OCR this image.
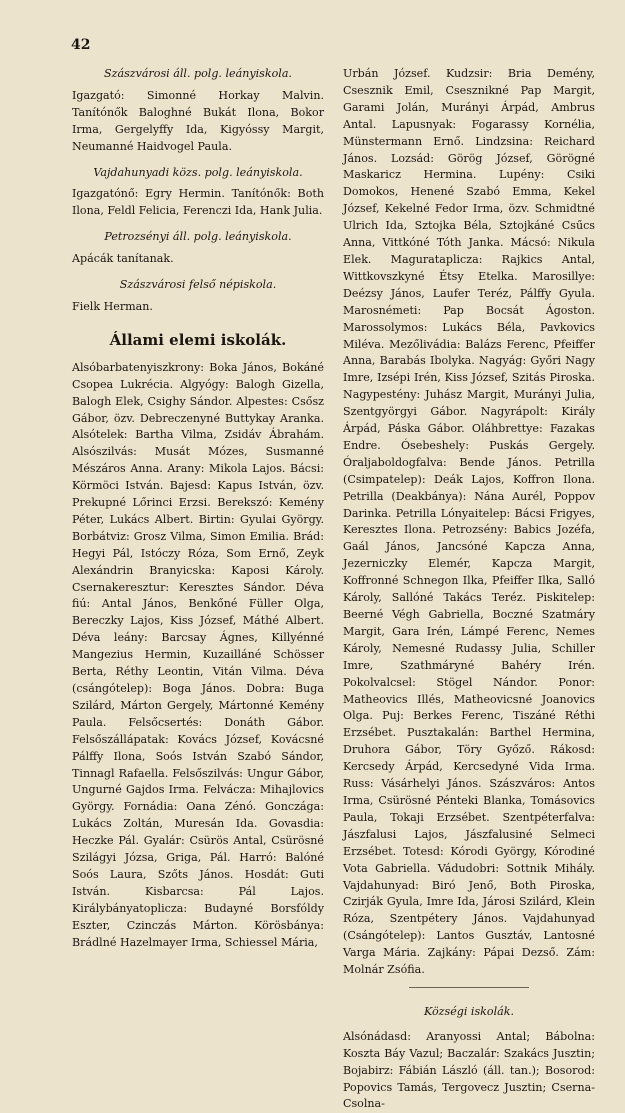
42

Szászvárosi áll. polg. leányiskola.

Igazgató: Simonné Horkay Malvin. Tanítónők Baloghné Bukát Ilona, Bokor Irma, Gergelyffy Ida, Kigyóssy Margit, Neumanné Haidvogel Paula.

Vajdahunyadi közs. polg. leányiskola.

Igazgatónő: Egry Hermin. Tanítónők: Both Ilona, Feldl Felicia, Ferenczi Ida, Hank Julia.

Petrozsényi áll. polg. leányiskola.

Apácák tanítanak.

Szászvárosi felső népiskola.

Fielk Herman.

Állami elemi iskolák.

Alsóbarbatenyiszkrony: Boka János, Bokáné Csopea Lukrécia. Algyógy: Balogh Gizella, Balogh Elek, Csighy Sándor. Alpestes: Csősz Gábor, özv. Debreczenyné Buttykay Aranka. Alsótelek: Bartha Vilma, Zsidáv Ábrahám. Alsószilvás: Musát Mózes, Susmanné Mészáros Anna. Arany: Mikola Lajos. Bácsi: Körmöci István. Bajesd: Kapus István, özv. Prekupné Lőrinci Erzsi. Berekszó: Kemény Péter, Lukács Albert. Birtin: Gyulai György. Borbátviz: Grosz Vilma, Simon Emilia. Brád: Hegyi Pál, Istóczy Róza, Som Ernő, Zeyk Alexándrin Branyicska: Kaposi Károly. Csernakeresztur: Keresztes Sándor. Déva fiú: Antal János, Benkőné Füller Olga, Bereczky Lajos, Kiss József, Máthé Albert. Déva leány: Barcsay Ágnes, Killyénné Mangezius Hermin, Kuzailláné Schösser Berta, Réthy Leontin, Vitán Vilma. Déva (csángótelep): Boga János. Dobra: Buga Szilárd, Márton Gergely, Mártonné Kemény Paula. Felsőcsertés: Donáth Gábor. Felsőszállápatak: Kovács József, Kovácsné Pálffy Ilona, Soós István Szabó Sándor, Tinnagl Rafaella. Felsőszilvás: Ungur Gábor, Ungurné Gajdos Irma. Felvácza: Mihajlovics György. Fornádia: Oana Zénó. Gonczága: Lukács Zoltán, Muresán Ida. Govasdia: Heczke Pál. Gyalár: Csürös Antal, Csürösné Szilágyi Józsa, Griga, Pál. Harró: Balóné Soós Laura, Szőts János. Hosdát: Guti István. Kisbarcsa: Pál Lajos. Királybányatoplicza: Budayné Borsfóldy Eszter, Czinczás Márton. Körösbánya: Brádlné Hazelmayer Irma, Schiessel Mária,

Urbán József. Kudzsir: Bria Demény, Csesznik Emil, Csesznikné Pap Margit, Garami Jolán, Murányi Árpád, Ambrus Antal. Lapusnyak: Fogarassy Kornélia, Münstermann Ernő. Lindzsina: Reichard János. Lozsád: Görög József, Görögné Maskaricz Hermina. Lupény: Csiki Domokos, Henené Szabó Emma, Kekel József, Kekelné Fedor Irma, özv. Schmidtné Ulrich Ida, Sztojka Béla, Sztojkáné Csűcs Anna, Vittkóné Tóth Janka. Mácsó: Nikula Elek. Maguratapliсza: Rajkics Antal, Wittkovszkyné Étsy Etelka. Marosillye: Deézsy János, Laufer Teréz, Pálffy Gyula. Marosnémeti: Pap Bocsát Ágoston. Marossolymos: Lukács Béla, Pavkovics Miléva. Mezőlivádia: Balázs Ferenc, Pfeiffer Anna, Barabás Ibolyka. Nagyág: Győri Nagy Imre, Izsépi Irén, Kiss József, Szitás Piroska. Nagypestény: Juhász Margit, Murányi Julia, Szentgyörgyi Gábor. Nagyrápolt: Király Árpád, Páska Gábor. Oláhbrettye: Fazakas Endre. Ósebeshely: Puskás Gergely. Óraljaboldogfalva: Bende János. Petrilla (Csimpatelep): Deák Lajos, Koffron Ilona. Petrilla (Deakbánya): Nána Aurél, Poppov Darinka. Petrilla Lónyaitelep: Bácsi Frigyes, Keresztes Ilona. Petrozsény: Babics Jozéfa, Gaál János, Jancsóné Kapcza Anna, Jezerniczky Elemér, Kapcza Margit, Koffronné Schnegon Ilka, Pfeiffer Ilka, Salló Károly, Sallóné Takács Teréz. Piskitelep: Beerné Végh Gabriella, Boczné Szatmáry Margit, Gara Irén, Lámpé Ferenc, Nemes Károly, Nemesné Rudassy Julia, Schiller Imre, Szathmáryné Bahéry Irén. Pokolvalcsel: Stögel Nándor. Ponor: Matheovics Illés, Matheovicsné Joanovics Olga. Puj: Berkes Ferenc, Tiszáné Réthi Erzsébet. Pusztakalán: Barthel Hermina, Druhora Gábor, Töry Győző. Rákosd: Kercsedy Árpád, Kercsedyné Vida Irma. Russ: Vásárhelyi János. Szászváros: Antos Irma, Csürösné Pénteki Blanka, Tomásovics Paula, Tokaji Erzsébet. Szentpéterfalva: Jászfalusi Lajos, Jászfalusiné Selmeci Erzsébet. Totesd: Kórodi György, Kórodiné Vota Gabriella. Vádudobri: Sottnik Mihály. Vajdahunyad: Biró Jenő, Both Piroska, Czirják Gyula, Imre Ida, Járosi Szilárd, Klein Róza, Szentpétery János. Vajdahunyad (Csángótelep): Lantos Gusztáv, Lantosné Varga Mária. Zajkány: Pápai Dezső. Zám: Molnár Zsófia.

Községi iskolák.

Alsónádasd: Aranyossi Antal; Bábolna: Koszta Báy Vazul; Baczalár: Szakács Jusztin; Bojabirz: Fábián László (áll. tan.); Bosorod: Popovics Tamás, Tergovecz Jusztin; Cserna-Csolna-
